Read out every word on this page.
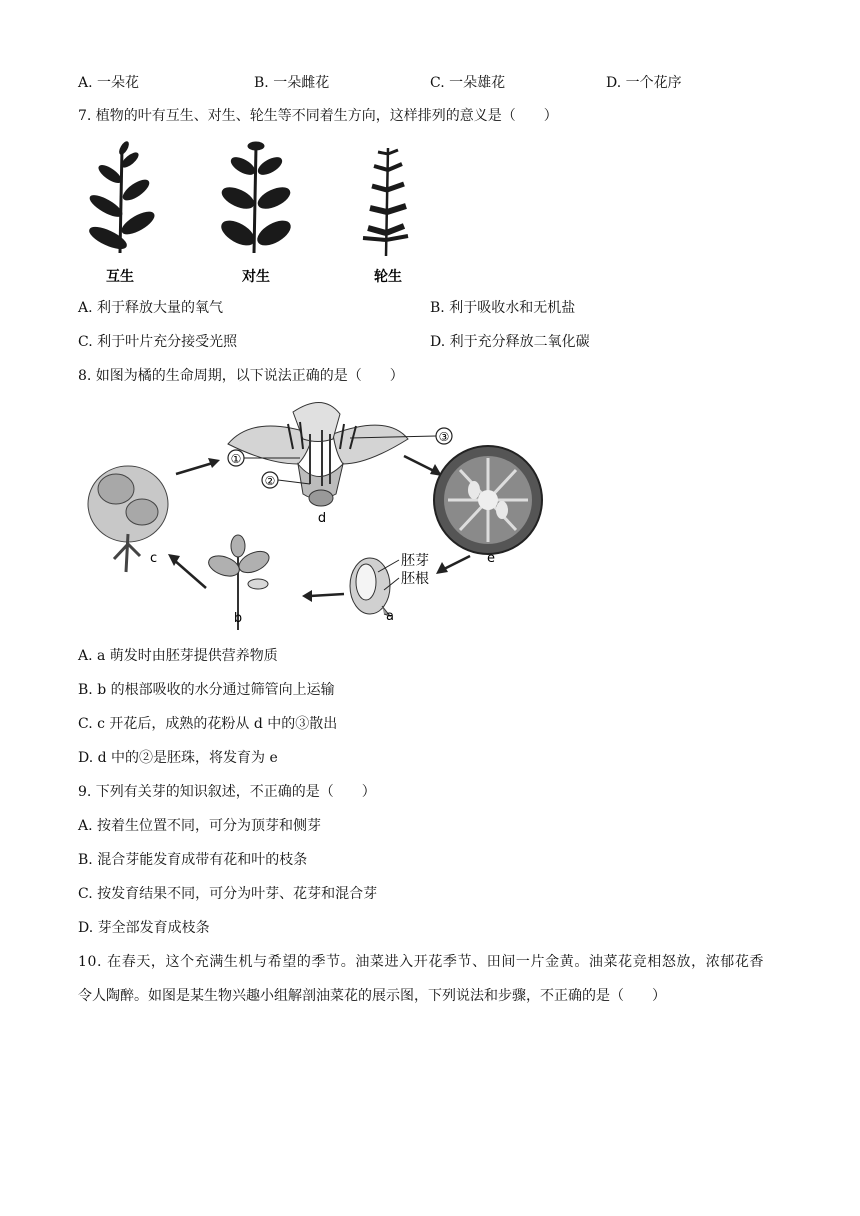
A. 一朵花	B. 一朵雌花	C. 一朵雄花	D. 一个花序
7. 植物的叶有互生、对生、轮生等不同着生方向，这样排列的意义是（　　）
互生	对生	轮生
A. 利于释放大量的氧气	B. 利于吸收水和无机盐
C. 利于叶片充分接受光照	D. 利于充分释放二氧化碳
8. 如图为橘的生命周期，以下说法正确的是（　　）
c
①
②
③
d
e
胚芽
胚根
a
b
A. a 萌发时由胚芽提供营养物质
B. b 的根部吸收的水分通过筛管向上运输
C. c 开花后，成熟的花粉从 d 中的③散出
D. d 中的②是胚珠，将发育为 e
9. 下列有关芽的知识叙述，不正确的是（　　）
A. 按着生位置不同，可分为顶芽和侧芽
B. 混合芽能发育成带有花和叶的枝条
C. 按发育结果不同，可分为叶芽、花芽和混合芽
D. 芽全部发育成枝条
10. 在春天，这个充满生机与希望的季节。油菜进入开花季节、田间一片金黄。油菜花竞相怒放，浓郁花香
令人陶醉。如图是某生物兴趣小组解剖油菜花的展示图，下列说法和步骤，不正确的是（　　）
